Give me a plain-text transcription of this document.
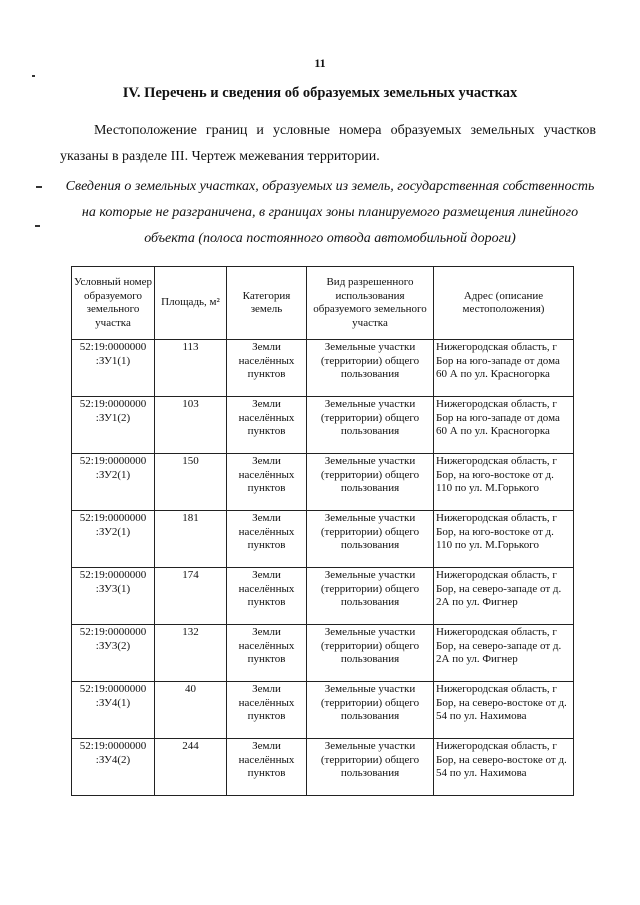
11
IV. Перечень и сведения об образуемых земельных участках

Местоположение границ и условные номера образуемых земельных участков указаны в разделе III. Чертеж межевания территории.

Сведения о земельных участках, образуемых из земель, государственная собственность на которые не разграничена, в границах зоны планируемого размещения линейного объекта (полоса постоянного отвода автомобильной дороги)

Условный номер образуемого земельного участка	Площадь, м²	Категория земель	Вид разрешенного использования образуемого земельного участка	Адрес (описание местоположения)
52:19:0000000 :ЗУ1(1)	113	Земли населённых пунктов	Земельные участки (территории) общего пользования	Нижегородская область, г Бор на юго-западе от дома 60 А по ул. Красногорка
52:19:0000000 :ЗУ1(2)	103	Земли населённых пунктов	Земельные участки (территории) общего пользования	Нижегородская область, г Бор на юго-западе от дома 60 А по ул. Красногорка
52:19:0000000 :ЗУ2(1)	150	Земли населённых пунктов	Земельные участки (территории) общего пользования	Нижегородская область, г Бор, на юго-востоке от д. 110 по ул. М.Горького
52:19:0000000 :ЗУ2(1)	181	Земли населённых пунктов	Земельные участки (территории) общего пользования	Нижегородская область, г Бор, на юго-востоке от д. 110 по ул. М.Горького
52:19:0000000 :ЗУ3(1)	174	Земли населённых пунктов	Земельные участки (территории) общего пользования	Нижегородская область, г Бор, на северо-западе от д. 2А по ул. Фигнер
52:19:0000000 :ЗУ3(2)	132	Земли населённых пунктов	Земельные участки (территории) общего пользования	Нижегородская область, г Бор, на северо-западе от д. 2А по ул. Фигнер
52:19:0000000 :ЗУ4(1)	40	Земли населённых пунктов	Земельные участки (территории) общего пользования	Нижегородская область, г Бор, на северо-востоке от д. 54 по ул. Нахимова
52:19:0000000 :ЗУ4(2)	244	Земли населённых пунктов	Земельные участки (территории) общего пользования	Нижегородская область, г Бор, на северо-востоке от д. 54 по ул. Нахимова
